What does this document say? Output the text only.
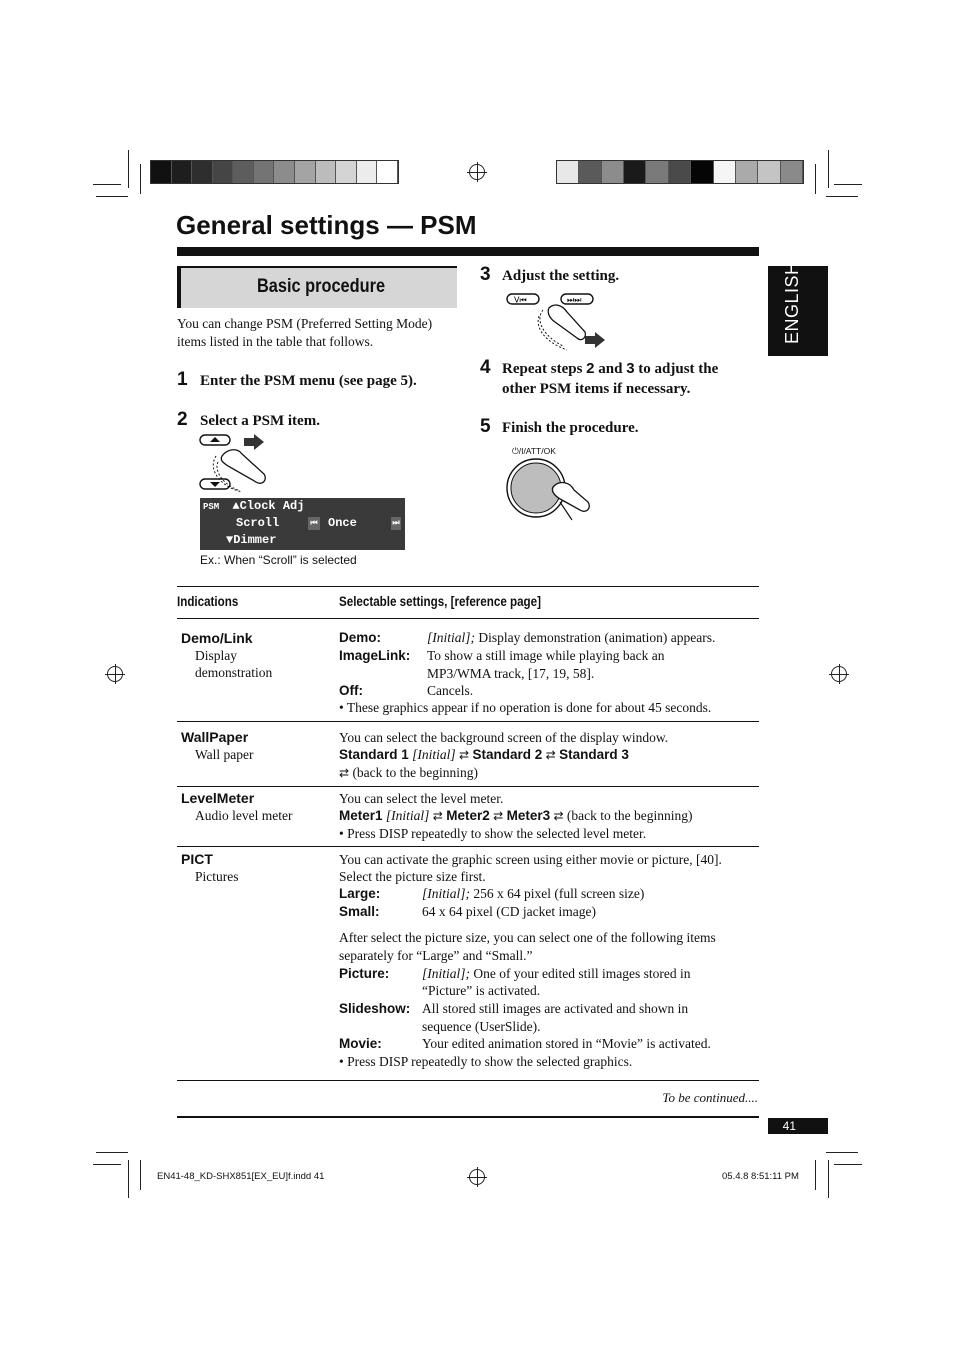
General settings — PSM
ENGLISH
Basic procedure
You can change PSM (Preferred Setting Mode) items listed in the table that follows.
1 Enter the PSM menu (see page 5).
2 Select a PSM item.
PSM ▲Clock Adj
Scroll	⏮ Once	⏭
▼Dimmer
Ex.: When “Scroll” is selected
3 Adjust the setting.
V⏮	⏭⏭
4 Repeat steps 2 and 3 to adjust the other PSM items if necessary.
5 Finish the procedure.
⏻/I/ATT/OK
Indications	Selectable settings, [reference page]
Demo/Link
Display
demonstration
Demo:	[Initial]; Display demonstration (animation) appears.
ImageLink: To show a still image while playing back an
MP3/WMA track, [17, 19, 58].
Off:	Cancels.
• These graphics appear if no operation is done for about 45 seconds.
WallPaper
Wall paper
You can select the background screen of the display window.
Standard 1 [Initial] ⇄ Standard 2 ⇄ Standard 3
⇄ (back to the beginning)
LevelMeter
Audio level meter
You can select the level meter.
Meter1 [Initial] ⇄ Meter2 ⇄ Meter3 ⇄ (back to the beginning)
• Press DISP repeatedly to show the selected level meter.
PICT
Pictures
You can activate the graphic screen using either movie or picture, [40].
Select the picture size first.
Large:	[Initial]; 256 x 64 pixel (full screen size)
Small:	64 x 64 pixel (CD jacket image)
After select the picture size, you can select one of the following items
separately for “Large” and “Small.”
Picture: [Initial]; One of your edited still images stored in
“Picture” is activated.
Slideshow: All stored still images are activated and shown in
sequence (UserSlide).
Movie:	Your edited animation stored in “Movie” is activated.
• Press DISP repeatedly to show the selected graphics.
To be continued....
41
EN41-48_KD-SHX851[EX_EU]f.indd 41	05.4.8 8:51:11 PM
